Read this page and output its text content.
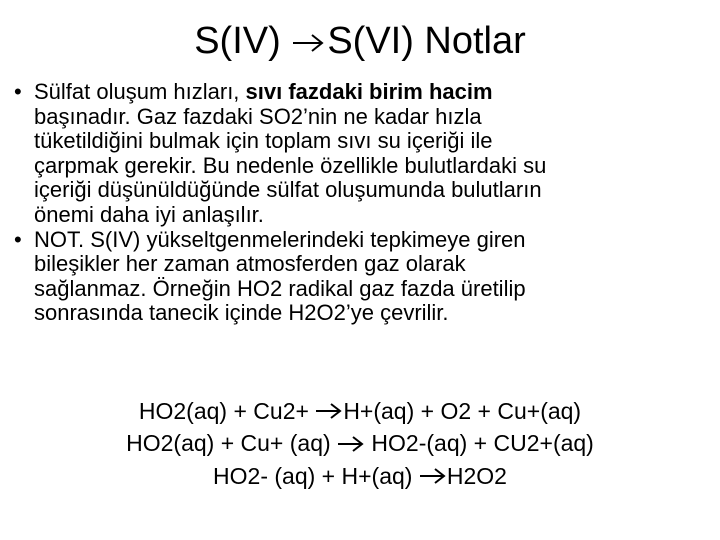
S(IV) S(VI) Notlar
• Sülfat oluşum hızları, sıvı fazdaki birim hacim
başınadır. Gaz fazdaki SO2’nin ne kadar hızla
tüketildiğini bulmak için toplam sıvı su içeriği ile
çarpmak gerekir. Bu nedenle özellikle bulutlardaki su
içeriği düşünüldüğünde sülfat oluşumunda bulutların
önemi daha iyi anlaşılır.
• NOT. S(IV) yükseltgenmelerindeki tepkimeye giren
bileşikler her zaman atmosferden gaz olarak
sağlanmaz. Örneğin HO2 radikal gaz fazda üretilip
sonrasında tanecik içinde H2O2’ye çevrilir.
HO2(aq) + Cu2+ H+(aq) + O2 + Cu+(aq)
HO2(aq) + Cu+ (aq)  HO2-(aq) + CU2+(aq)
HO2- (aq) + H+(aq) H2O2
